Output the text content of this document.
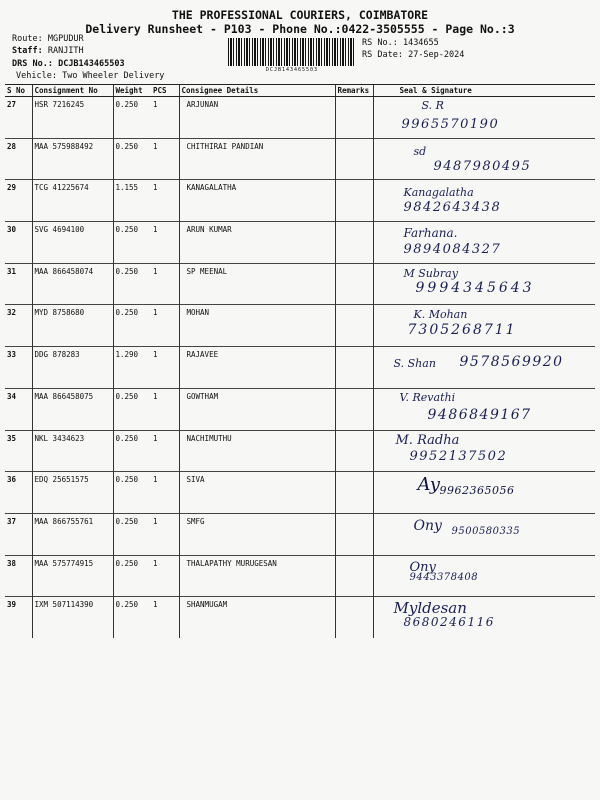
THE PROFESSIONAL COURIERS, COIMBATORE
Delivery Runsheet - P103 - Phone No.:0422-3505555 - Page No.:3
Route: MGPUDUR
Staff: RANJITH
DRS No.: DCJB143465503
Vehicle: Two Wheeler Delivery
DCJB143465503
RS No.: 1434655
RS Date: 27-Sep-2024
S No	Consignment No	Weight	PCS	Consignee Details	Remarks	Seal & Signature
27	HSR 7216245	0.250	1	ARJUNAN		S. R
9965570190

28	MAA 575988492	0.250	1	CHITHIRAI PANDIAN		sd
9487980495

29	TCG 41225674	1.155	1	KANAGALATHA		Kanagalatha
9842643438

30	SVG 4694100	0.250	1	ARUN KUMAR		Farhana.
9894084327

31	MAA 866458074	0.250	1	SP MEENAL		M Subray
9994345643

32	MYD 8758680	0.250	1	MOHAN		K. Mohan
7305268711

33	DDG 878283	1.290	1	RAJAVEE		S. Shan 9578569920

34	MAA 866458075	0.250	1	GOWTHAM		V. Revathi
9486849167

35	NKL 3434623	0.250	1	NACHIMUTHU		M. Radha
9952137502

36	EDQ 25651575	0.250	1	SIVA		Ay 9962365056

37	MAA 866755761	0.250	1	SMFG		Ony 9500580335

38	MAA 575774915	0.250	1	THALAPATHY MURUGESAN		Ony
9443378408

39	IXM 507114390	0.250	1	SHANMUGAM		Myldesan
8680246116
